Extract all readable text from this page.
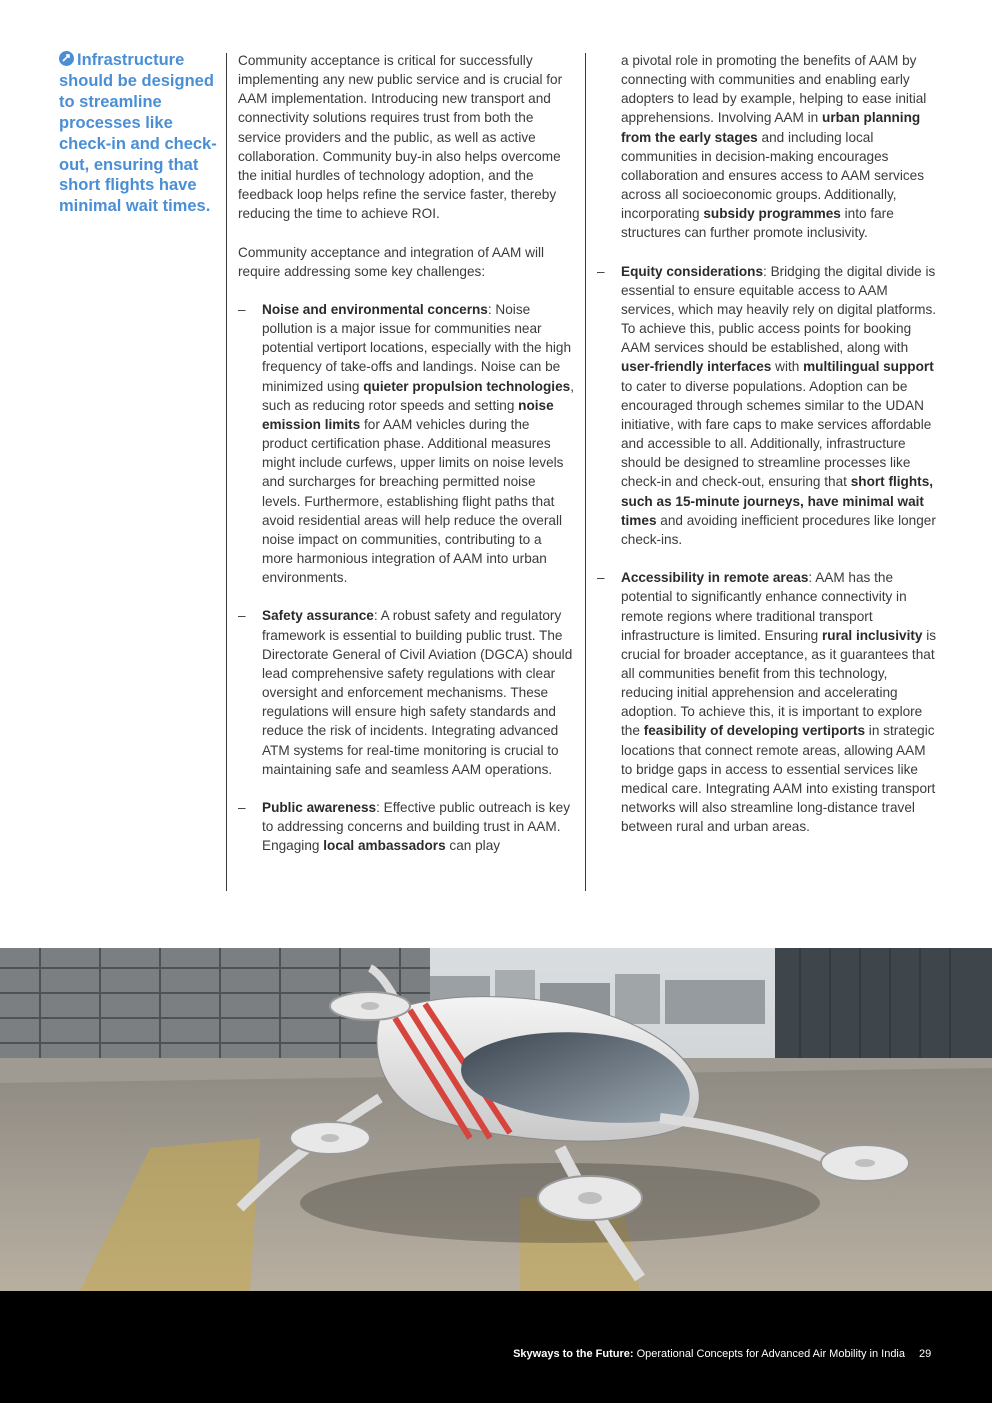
Infrastructure should be designed to streamline processes like check-in and check-out, ensuring that short flights have minimal wait times.

Community acceptance is critical for successfully implementing any new public service and is crucial for AAM implementation. Introducing new transport and connectivity solutions requires trust from both the service providers and the public, as well as active collaboration. Community buy-in also helps overcome the initial hurdles of technology adoption, and the feedback loop helps refine the service faster, thereby reducing the time to achieve ROI.

Community acceptance and integration of AAM will require addressing some key challenges:

– Noise and environmental concerns: Noise pollution is a major issue for communities near potential vertiport locations, especially with the high frequency of take-offs and landings. Noise can be minimized using quieter propulsion technologies, such as reducing rotor speeds and setting noise emission limits for AAM vehicles during the product certification phase. Additional measures might include curfews, upper limits on noise levels and surcharges for breaching permitted noise levels. Furthermore, establishing flight paths that avoid residential areas will help reduce the overall noise impact on communities, contributing to a more harmonious integration of AAM into urban environments.
– Safety assurance: A robust safety and regulatory framework is essential to building public trust. The Directorate General of Civil Aviation (DGCA) should lead comprehensive safety regulations with clear oversight and enforcement mechanisms. These regulations will ensure high safety standards and reduce the risk of incidents. Integrating advanced ATM systems for real-time monitoring is crucial to maintaining safe and seamless AAM operations.
– Public awareness: Effective public outreach is key to addressing concerns and building trust in AAM. Engaging local ambassadors can play
a pivotal role in promoting the benefits of AAM by connecting with communities and enabling early adopters to lead by example, helping to ease initial apprehensions. Involving AAM in urban planning from the early stages and including local communities in decision-making encourages collaboration and ensures access to AAM services across all socioeconomic groups. Additionally, incorporating subsidy programmes into fare structures can further promote inclusivity.
– Equity considerations: Bridging the digital divide is essential to ensure equitable access to AAM services, which may heavily rely on digital platforms. To achieve this, public access points for booking AAM services should be established, along with user-friendly interfaces with multilingual support to cater to diverse populations. Adoption can be encouraged through schemes similar to the UDAN initiative, with fare caps to make services affordable and accessible to all. Additionally, infrastructure should be designed to streamline processes like check-in and check-out, ensuring that short flights, such as 15-minute journeys, have minimal wait times and avoiding inefficient procedures like longer check-ins.
– Accessibility in remote areas: AAM has the potential to significantly enhance connectivity in remote regions where traditional transport infrastructure is limited. Ensuring rural inclusivity is crucial for broader acceptance, as it guarantees that all communities benefit from this technology, reducing initial apprehension and accelerating adoption. To achieve this, it is important to explore the feasibility of developing vertiports in strategic locations that connect remote areas, allowing AAM to bridge gaps in access to essential services like medical care. Integrating AAM into existing transport networks will also streamline long-distance travel between rural and urban areas.
Skyways to the Future: Operational Concepts for Advanced Air Mobility in India 29
